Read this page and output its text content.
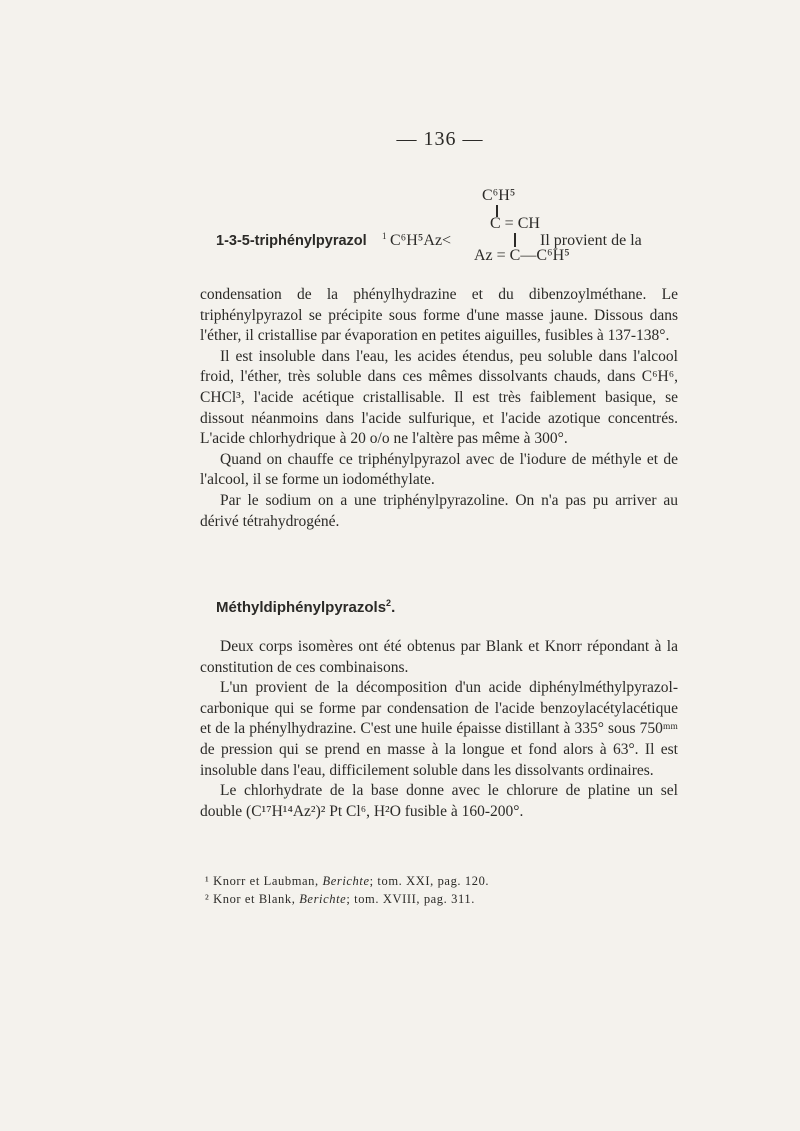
— 136 —
C⁶H⁵
C = CH
1-3-5-triphénylpyrazol 1 C⁶H⁵Az<	Il provient de la
Az = C—C⁶H⁵

condensation de la phénylhydrazine et du dibenzoylméthane. Le triphénylpyrazol se précipite sous forme d'une masse jaune. Dissous dans l'éther, il cristallise par évaporation en petites aiguilles, fusibles à 137-138°.

Il est insoluble dans l'eau, les acides étendus, peu soluble dans l'alcool froid, l'éther, très soluble dans ces mêmes dissolvants chauds, dans C⁶H⁶, CHCl³, l'acide acétique cristallisable. Il est très faiblement basique, se dissout néanmoins dans l'acide sulfurique, et l'acide azotique concentrés. L'acide chlorhydrique à 20 o/o ne l'altère pas même à 300°.

Quand on chauffe ce triphénylpyrazol avec de l'iodure de méthyle et de l'alcool, il se forme un iodométhylate.

Par le sodium on a une triphénylpyrazoline. On n'a pas pu arriver au dérivé tétrahydrogéné.

Méthyldiphénylpyrazols$^2$.

Deux corps isomères ont été obtenus par Blank et Knorr répondant à la constitution de ces combinaisons.

L'un provient de la décomposition d'un acide diphénylméthylpyrazol-carbonique qui se forme par condensation de l'acide benzoylacétylacétique et de la phénylhydrazine. C'est une huile épaisse distillant à 335° sous 750ᵐᵐ de pression qui se prend en masse à la longue et fond alors à 63°. Il est insoluble dans l'eau, difficilement soluble dans les dissolvants ordinaires.

Le chlorhydrate de la base donne avec le chlorure de platine un sel double (C¹⁷H¹⁴Az²)² Pt Cl⁶, H²O fusible à 160-200°.

¹ Knorr et Laubman, Berichte; tom. XXI, pag. 120.

² Knor et Blank, Berichte; tom. XVIII, pag. 311.
